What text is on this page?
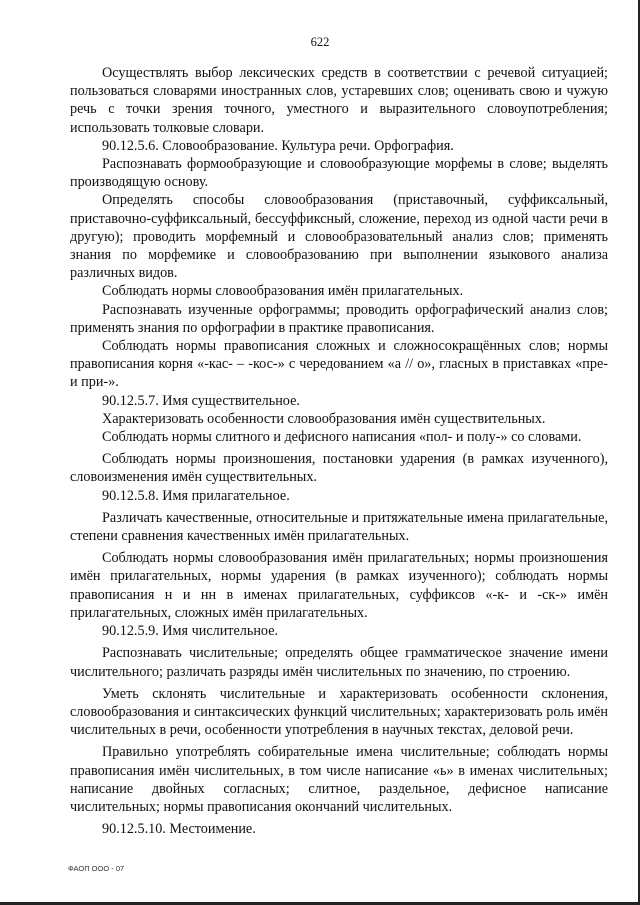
622

Осуществлять выбор лексических средств в соответствии с речевой ситуацией; пользоваться словарями иностранных слов, устаревших слов; оценивать свою и чужую речь с точки зрения точного, уместного и выразительного словоупотребления; использовать толковые словари.

90.12.5.6. Словообразование. Культура речи. Орфография.

Распознавать формообразующие и словообразующие морфемы в слове; выделять производящую основу.

Определять способы словообразования (приставочный, суффиксальный, приставочно-суффиксальный, бессуффиксный, сложение, переход из одной части речи в другую); проводить морфемный и словообразовательный анализ слов; применять знания по морфемике и словообразованию при выполнении языкового анализа различных видов.

Соблюдать нормы словообразования имён прилагательных.

Распознавать изученные орфограммы; проводить орфографический анализ слов; применять знания по орфографии в практике правописания.

Соблюдать нормы правописания сложных и сложносокращённых слов; нормы правописания корня «-кас- – -кос-» с чередованием «а // о», гласных в приставках «пре- и при-».

90.12.5.7. Имя существительное.

Характеризовать особенности словообразования имён существительных.

Соблюдать нормы слитного и дефисного написания «пол- и полу-» со словами.

Соблюдать нормы произношения, постановки ударения (в рамках изученного), словоизменения имён существительных.

90.12.5.8. Имя прилагательное.

Различать качественные, относительные и притяжательные имена прилагательные, степени сравнения качественных имён прилагательных.

Соблюдать нормы словообразования имён прилагательных; нормы произношения имён прилагательных, нормы ударения (в рамках изученного); соблюдать нормы правописания н и нн в именах прилагательных, суффиксов «-к- и -ск-» имён прилагательных, сложных имён прилагательных.

90.12.5.9. Имя числительное.

Распознавать числительные; определять общее грамматическое значение имени числительного; различать разряды имён числительных по значению, по строению.

Уметь склонять числительные и характеризовать особенности склонения, словообразования и синтаксических функций числительных; характеризовать роль имён числительных в речи, особенности употребления в научных текстах, деловой речи.

Правильно употреблять собирательные имена числительные; соблюдать нормы правописания имён числительных, в том числе написание «ь» в именах числительных; написание двойных согласных; слитное, раздельное, дефисное написание числительных; нормы правописания окончаний числительных.

90.12.5.10. Местоимение.

ФАОП ООО - 07
